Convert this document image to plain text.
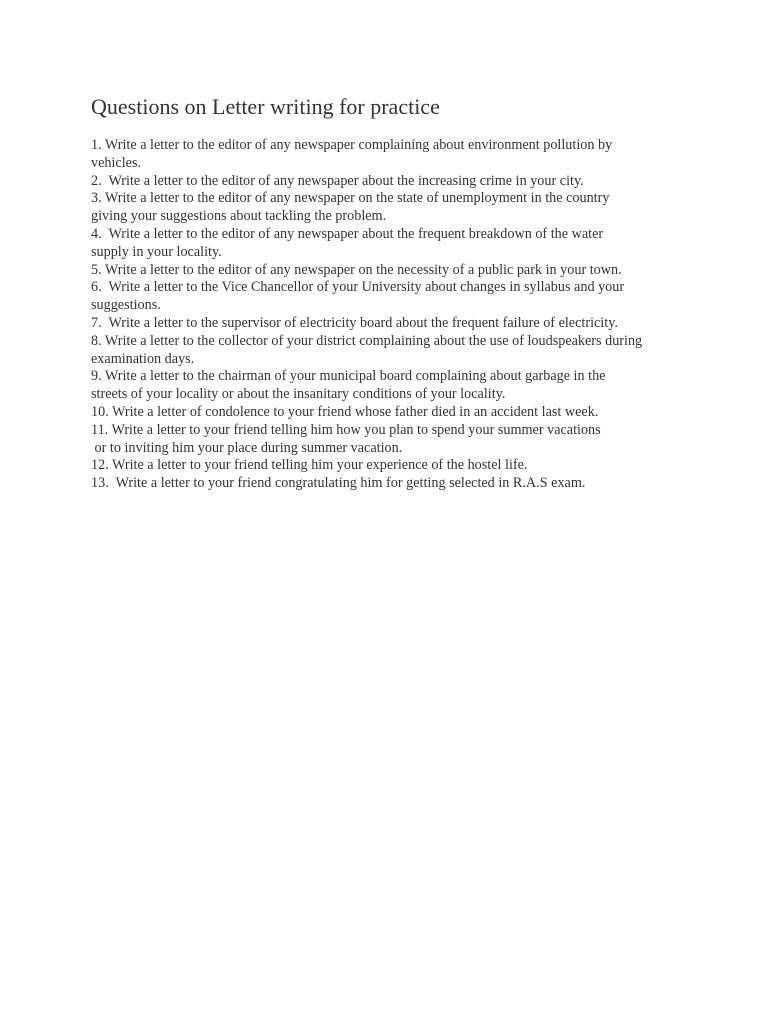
Questions on Letter writing for practice
1. Write a letter to the editor of any newspaper complaining about environment pollution by
vehicles.
2.  Write a letter to the editor of any newspaper about the increasing crime in your city.
3. Write a letter to the editor of any newspaper on the state of unemployment in the country
giving your suggestions about tackling the problem.
4.  Write a letter to the editor of any newspaper about the frequent breakdown of the water
supply in your locality.
5. Write a letter to the editor of any newspaper on the necessity of a public park in your town.
6.  Write a letter to the Vice Chancellor of your University about changes in syllabus and your
suggestions.
7.  Write a letter to the supervisor of electricity board about the frequent failure of electricity.
8. Write a letter to the collector of your district complaining about the use of loudspeakers during
examination days.
9. Write a letter to the chairman of your municipal board complaining about garbage in the
streets of your locality or about the insanitary conditions of your locality.
10. Write a letter of condolence to your friend whose father died in an accident last week.
11. Write a letter to your friend telling him how you plan to spend your summer vacations
or to inviting him your place during summer vacation.
12. Write a letter to your friend telling him your experience of the hostel life.
13.  Write a letter to your friend congratulating him for getting selected in R.A.S exam.
